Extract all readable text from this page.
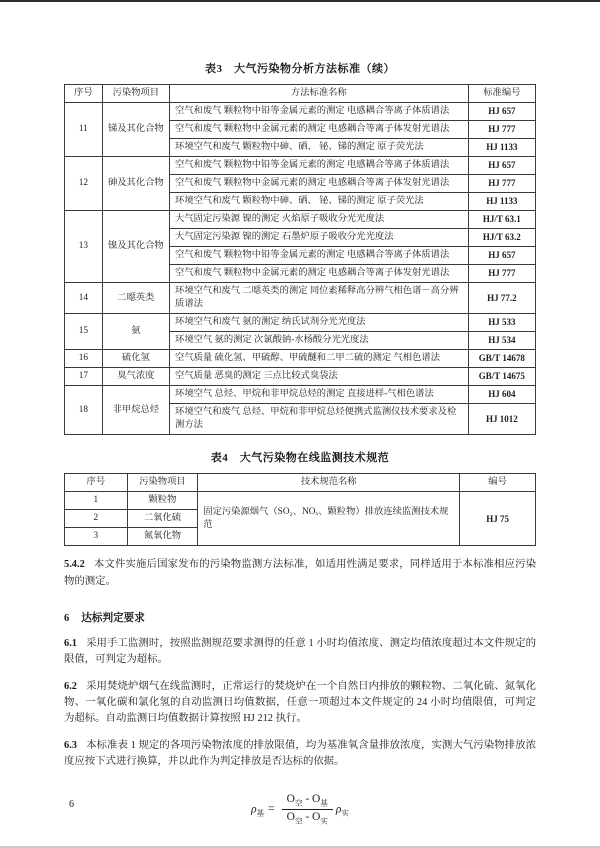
表3　大气污染物分析方法标准（续）
序号	污染物项目	方法标准名称	标准编号
11	锑及其化合物	空气和废气 颗粒物中铅等金属元素的测定 电感耦合等离子体质谱法	HJ 657
		空气和废气 颗粒物中金属元素的测定 电感耦合等离子体发射光谱法	HJ 777
		环境空气和废气 颗粒物中砷、硒、 铋、锑的测定 原子荧光法	HJ 1133
12	砷及其化合物	空气和废气 颗粒物中铅等金属元素的测定 电感耦合等离子体质谱法	HJ 657
		空气和废气 颗粒物中金属元素的测定 电感耦合等离子体发射光谱法	HJ 777
		环境空气和废气 颗粒物中砷、硒、 铋、锑的测定 原子荧光法	HJ 1133
13	镍及其化合物	大气固定污染源 镍的测定 火焰原子吸收分光光度法	HJ/T 63.1
		大气固定污染源 镍的测定 石墨炉原子吸收分光光度法	HJ/T 63.2
		空气和废气 颗粒物中铅等金属元素的测定 电感耦合等离子体质谱法	HJ 657
		空气和废气 颗粒物中金属元素的测定 电感耦合等离子体发射光谱法	HJ 777
14	二噁英类	环境空气和废气 二噁英类的测定 同位素稀释高分辨气相色谱－高分辨质谱法	HJ 77.2
15	氨	环境空气和废气 氨的测定 纳氏试剂分光光度法	HJ 533
		环境空气 氨的测定 次氯酸钠-水杨酸分光光度法	HJ 534
16	硫化氢	空气质量 硫化氢、甲硫醇、甲硫醚和二甲二硫的测定 气相色谱法	GB/T 14678
17	臭气浓度	空气质量 恶臭的测定 三点比较式臭袋法	GB/T 14675
18	非甲烷总烃	环境空气 总烃、甲烷和非甲烷总烃的测定 直接进样-气相色谱法	HJ 604
		环境空气和废气 总烃、甲烷和非甲烷总烃便携式监测仪技术要求及检测方法	HJ 1012
表4　大气污染物在线监测技术规范
序号	污染物项目	技术规范名称	编号
1	颗粒物	固定污染源烟气（SO₂、NOₓ、颗粒物）排放连续监测技术规范	HJ 75
2	二氧化硫		
3	氮氧化物		

5.4.2 本文件实施后国家发布的污染物监测方法标准，如适用性满足要求，同样适用于本标准相应污染物的测定。

6 达标判定要求

6.1 采用手工监测时，按照监测规范要求测得的任意 1 小时均值浓度、测定均值浓度超过本文件规定的限值，可判定为超标。

6.2 采用焚烧炉烟气在线监测时，正常运行的焚烧炉在一个自然日内排放的颗粒物、二氧化硫、氮氧化物、一氧化碳和氯化氢的自动监测日均值数据，任意一项超过本文件规定的 24 小时均值限值，可判定为超标。自动监测日均值数据计算按照 HJ 212 执行。

6.3 本标准表 1 规定的各项污染物浓度的排放限值，均为基准氧含量排放浓度，实测大气污染物排放浓度应按下式进行换算，并以此作为判定排放是否达标的依据。

$\rho_基 = \frac{O_空 - O_基}{O_空 - O_实} \rho_实$
6
